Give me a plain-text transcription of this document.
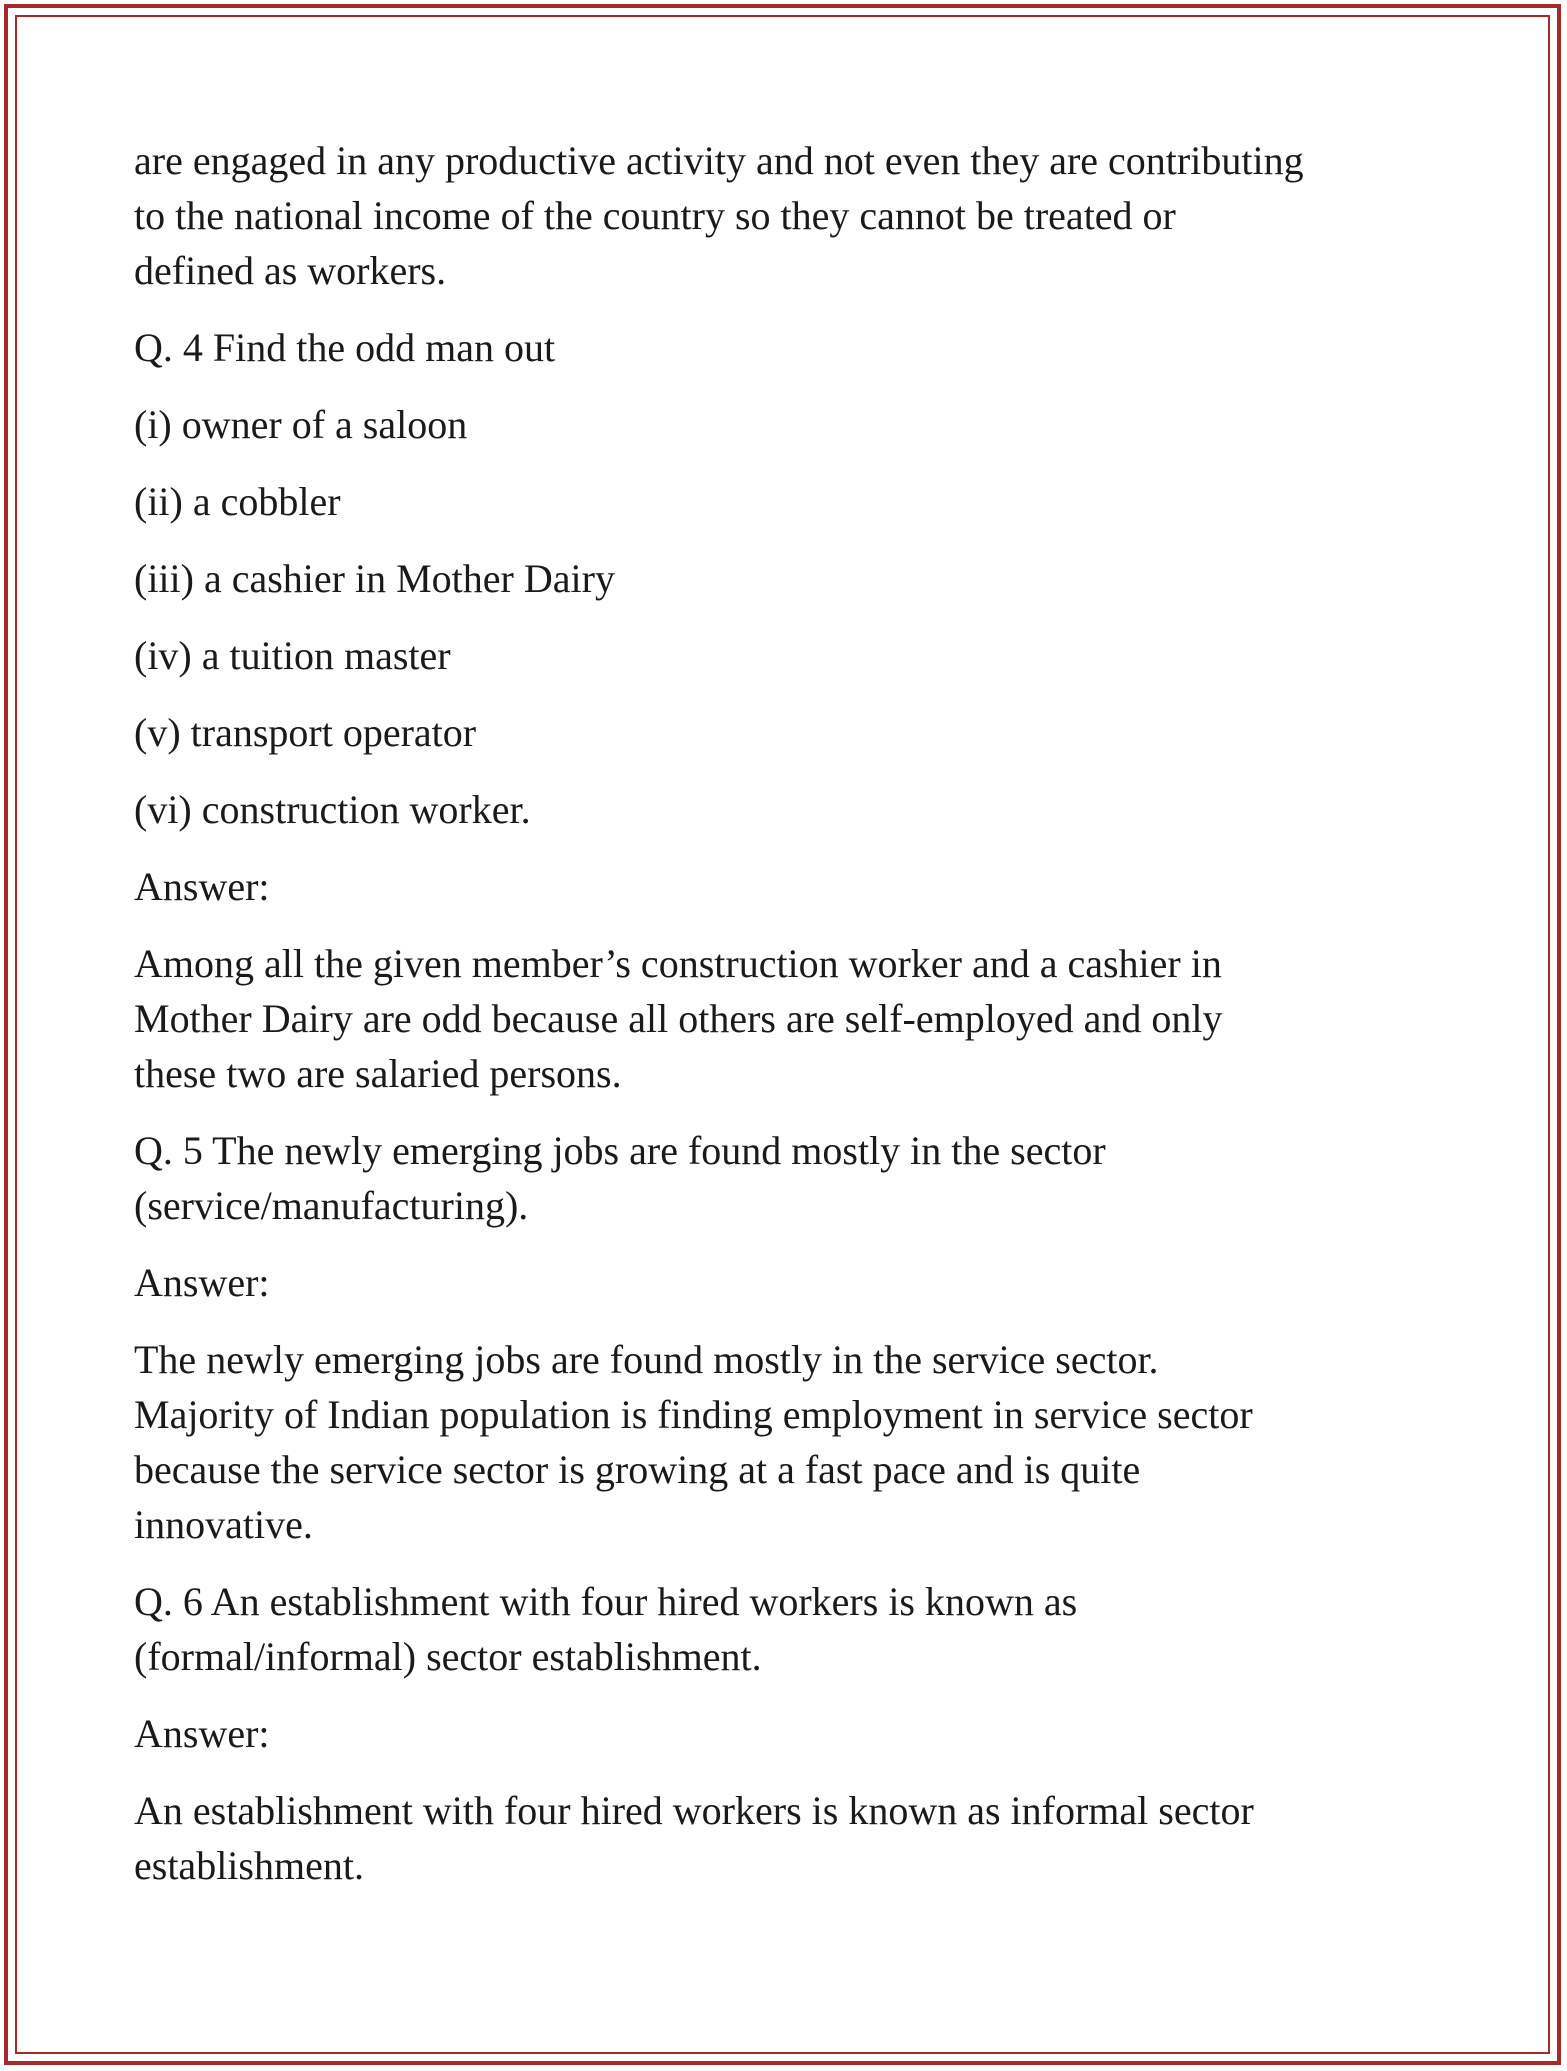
are engaged in any productive activity and not even they are contributing
to the national income of the country so they cannot be treated or
defined as workers.

Q. 4 Find the odd man out

(i) owner of a saloon

(ii) a cobbler

(iii) a cashier in Mother Dairy

(iv) a tuition master

(v) transport operator

(vi) construction worker.

Answer:

Among all the given member’s construction worker and a cashier in
Mother Dairy are odd because all others are self-employed and only
these two are salaried persons.

Q. 5 The newly emerging jobs are found mostly in the sector
(service/manufacturing).

Answer:

The newly emerging jobs are found mostly in the service sector.
Majority of Indian population is finding employment in service sector
because the service sector is growing at a fast pace and is quite
innovative.

Q. 6 An establishment with four hired workers is known as
(formal/informal) sector establishment.

Answer:

An establishment with four hired workers is known as informal sector
establishment.
